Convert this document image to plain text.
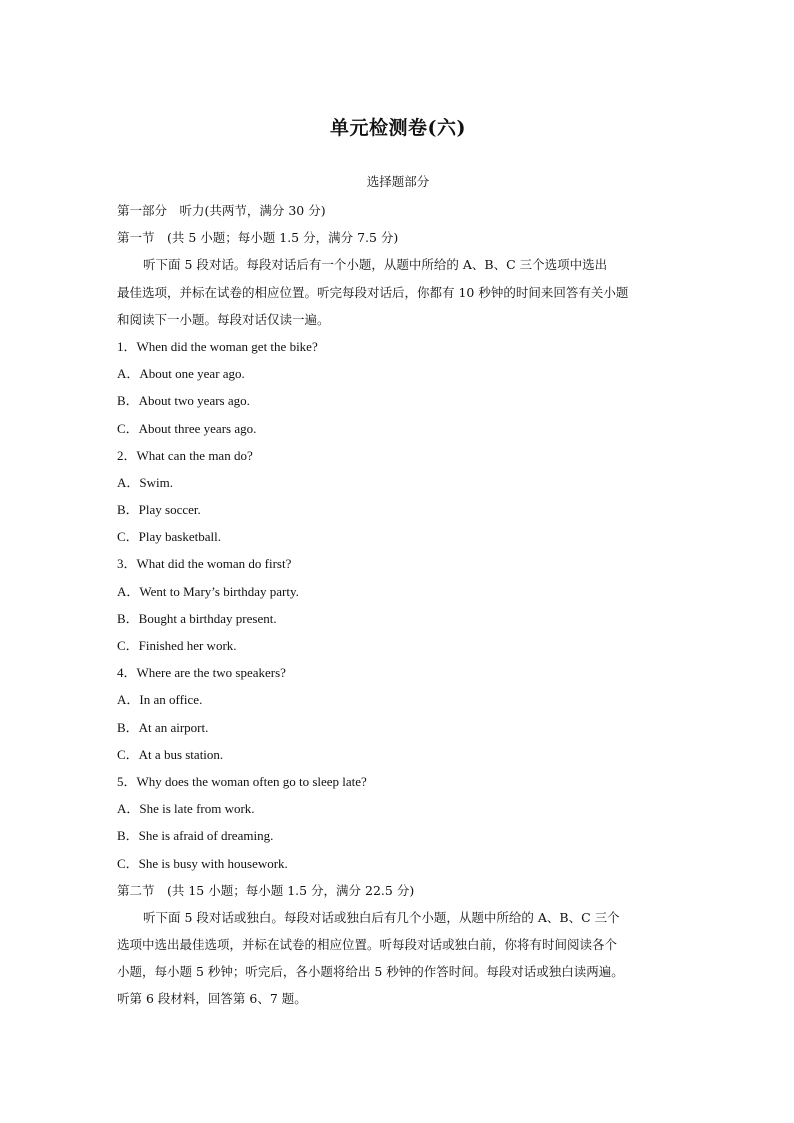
单元检测卷(六)
选择题部分
第一部分　听力(共两节，满分 30 分)
第一节　(共 5 小题；每小题 1.5 分，满分 7.5 分)
听下面 5 段对话。每段对话后有一个小题，从题中所给的 A、B、C 三个选项中选出
最佳选项，并标在试卷的相应位置。听完每段对话后，你都有 10 秒钟的时间来回答有关小题
和阅读下一小题。每段对话仅读一遍。
1．When did the woman get the bike?
A．About one year ago.
B．About two years ago.
C．About three years ago.
2．What can the man do?
A．Swim.
B．Play soccer.
C．Play basketball.
3．What did the woman do first?
A．Went to Mary’s birthday party.
B．Bought a birthday present.
C．Finished her work.
4．Where are the two speakers?
A．In an office.
B．At an airport.
C．At a bus station.
5．Why does the woman often go to sleep late?
A．She is late from work.
B．She is afraid of dreaming.
C．She is busy with housework.
第二节　(共 15 小题；每小题 1.5 分，满分 22.5 分)
听下面 5 段对话或独白。每段对话或独白后有几个小题，从题中所给的 A、B、C 三个
选项中选出最佳选项，并标在试卷的相应位置。听每段对话或独白前，你将有时间阅读各个
小题，每小题 5 秒钟；听完后，各小题将给出 5 秒钟的作答时间。每段对话或独白读两遍。
听第 6 段材料，回答第 6、7 题。
